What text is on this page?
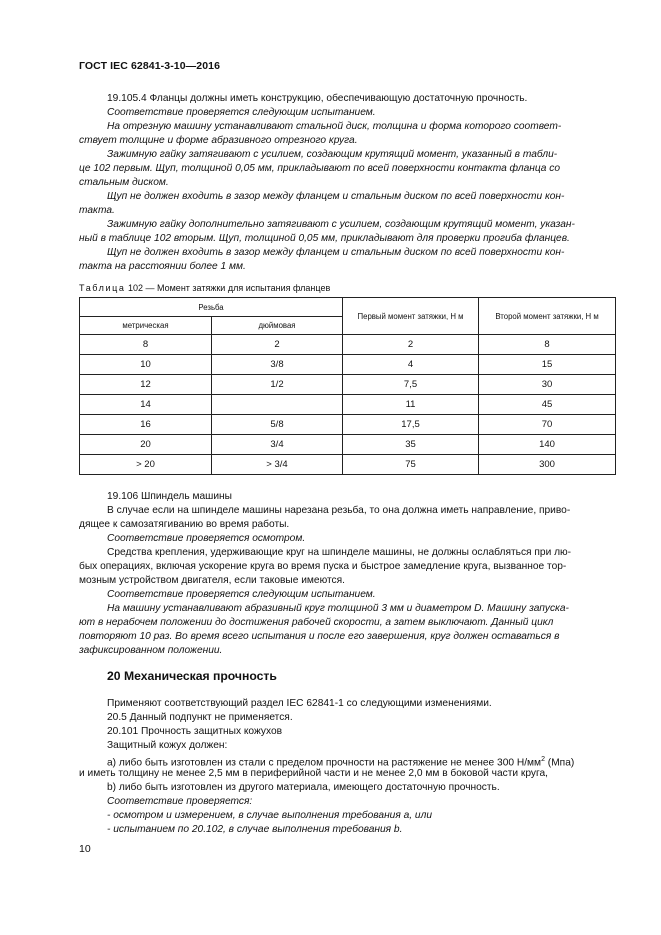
ГОСТ IEC 62841-3-10—2016
19.105.4 Фланцы должны иметь конструкцию, обеспечивающую достаточную прочность.
Соответствие проверяется следующим испытанием.
На отрезную машину устанавливают стальной диск, толщина и форма которого соответ-
ствует толщине и форме абразивного отрезного круга.
Зажимную гайку затягивают с усилием, создающим крутящий момент, указанный в табли-
це 102 первым. Щуп, толщиной 0,05 мм, прикладывают по всей поверхности контакта фланца со
стальным диском.
Щуп не должен входить в зазор между фланцем и стальным диском по всей поверхности кон-
такта.
Зажимную гайку дополнительно затягивают с усилием, создающим крутящий момент, указан-
ный в таблице 102 вторым. Щуп, толщиной 0,05 мм, прикладывают для проверки прогиба фланцев.
Щуп не должен входить в зазор между фланцем и стальным диском по всей поверхности кон-
такта на расстоянии более 1 мм.
Таблица 102 — Момент затяжки для испытания фланцев
Резьба		Первый момент затяжки, Н м	Второй момент затяжки, Н м
метрическая	дюймовая		
8	2	2	8
10	3/8	4	15
12	1/2	7,5	30
14		11	45
16	5/8	17,5	70
20	3/4	35	140
> 20	> 3/4	75	300
19.106 Шпиндель машины
В случае если на шпинделе машины нарезана резьба, то она должна иметь направление, приво-
дящее к самозатягиванию во время работы.
Соответствие проверяется осмотром.
Средства крепления, удерживающие круг на шпинделе машины, не должны ослабляться при лю-
бых операциях, включая ускорение круга во время пуска и быстрое замедление круга, вызванное тор-
мозным устройством двигателя, если таковые имеются.
Соответствие проверяется следующим испытанием.
На машину устанавливают абразивный круг толщиной 3 мм и диаметром D. Машину запуска-
ют в нерабочем положении до достижения рабочей скорости, а затем выключают. Данный цикл
повторяют 10 раз. Во время всего испытания и после его завершения, круг должен оставаться в
зафиксированном положении.
20 Механическая прочность
Применяют соответствующий раздел IEC 62841-1 со следующими изменениями.
20.5 Данный подпункт не применяется.
20.101 Прочность защитных кожухов
Защитный кожух должен:
a) либо быть изготовлен из стали с пределом прочности на растяжение не менее 300 $Н/мм^2$ (Мпа)
и иметь толщину не менее 2,5 мм в периферийной части и не менее 2,0 мм в боковой части круга,
b) либо быть изготовлен из другого материала, имеющего достаточную прочность.
Соответствие проверяется:
- осмотром и измерением, в случае выполнения требования a, или
- испытанием по 20.102, в случае выполнения требования b.
10
